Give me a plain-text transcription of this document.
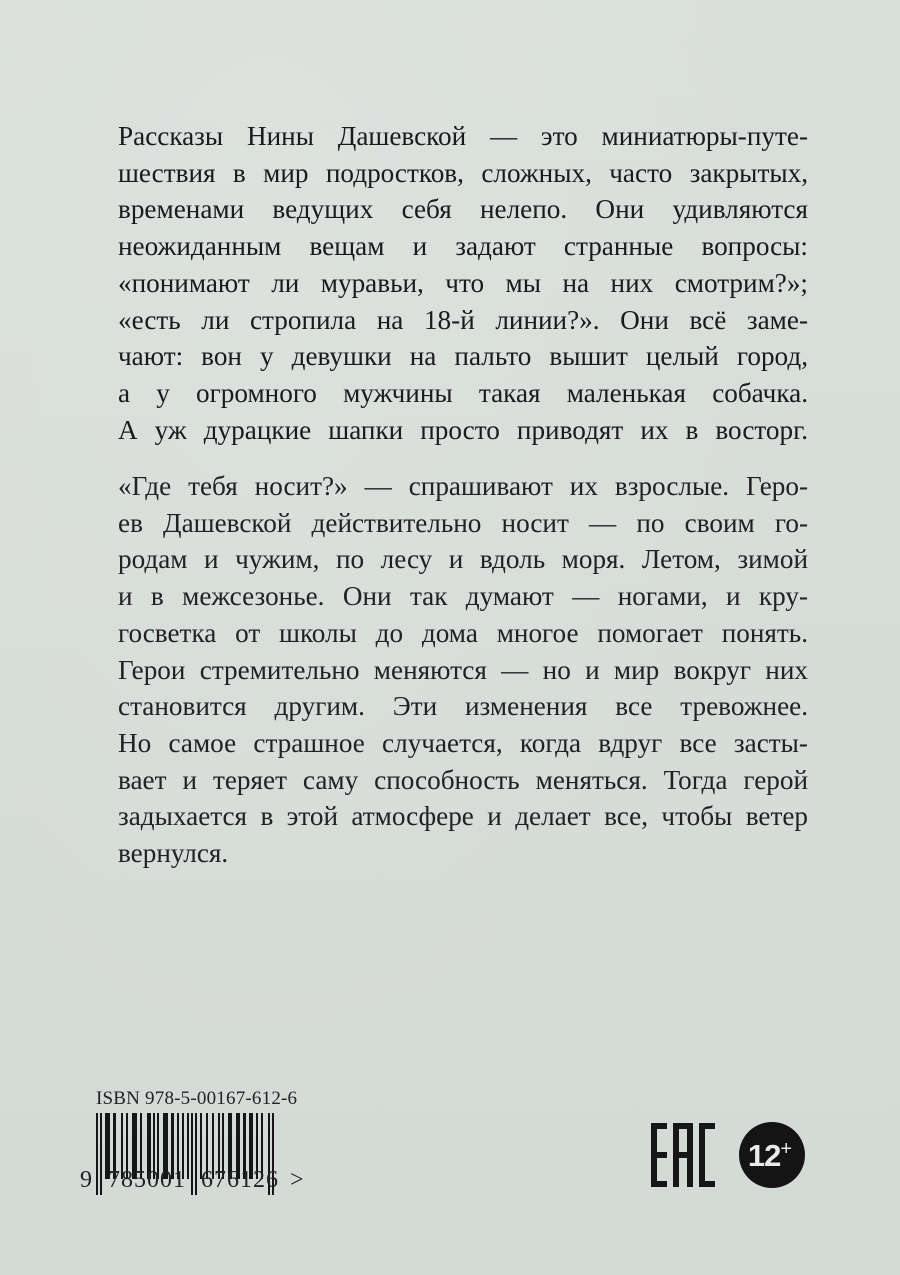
Рассказы Нины Дашевской — это миниатюры-путе-
шествия в мир подростков, сложных, часто закрытых,
временами ведущих себя нелепо. Они удивляются
неожиданным вещам и задают странные вопросы:
«понимают ли муравьи, что мы на них смотрим?»;
«есть ли стропила на 18-й линии?». Они всё заме-
чают: вон у девушки на пальто вышит целый город,
а у огромного мужчины такая маленькая собачка.
А уж дурацкие шапки просто приводят их в восторг.
«Где тебя носит?» — спрашивают их взрослые. Геро-
ев Дашевской действительно носит — по своим го-
родам и чужим, по лесу и вдоль моря. Летом, зимой
и в межсезонье. Они так думают — ногами, и кру-
госветка от школы до дома многое помогает понять.
Герои стремительно меняются — но и мир вокруг них
становится другим. Эти изменения все тревожнее.
Но самое страшное случается, когда вдруг все засты-
вает и теряет саму способность меняться. Тогда герой
задыхается в этой атмосфере и делает все, чтобы ветер
вернулся.
ISBN 978-5-00167-612-6
9 785001 676126 >
12 +
